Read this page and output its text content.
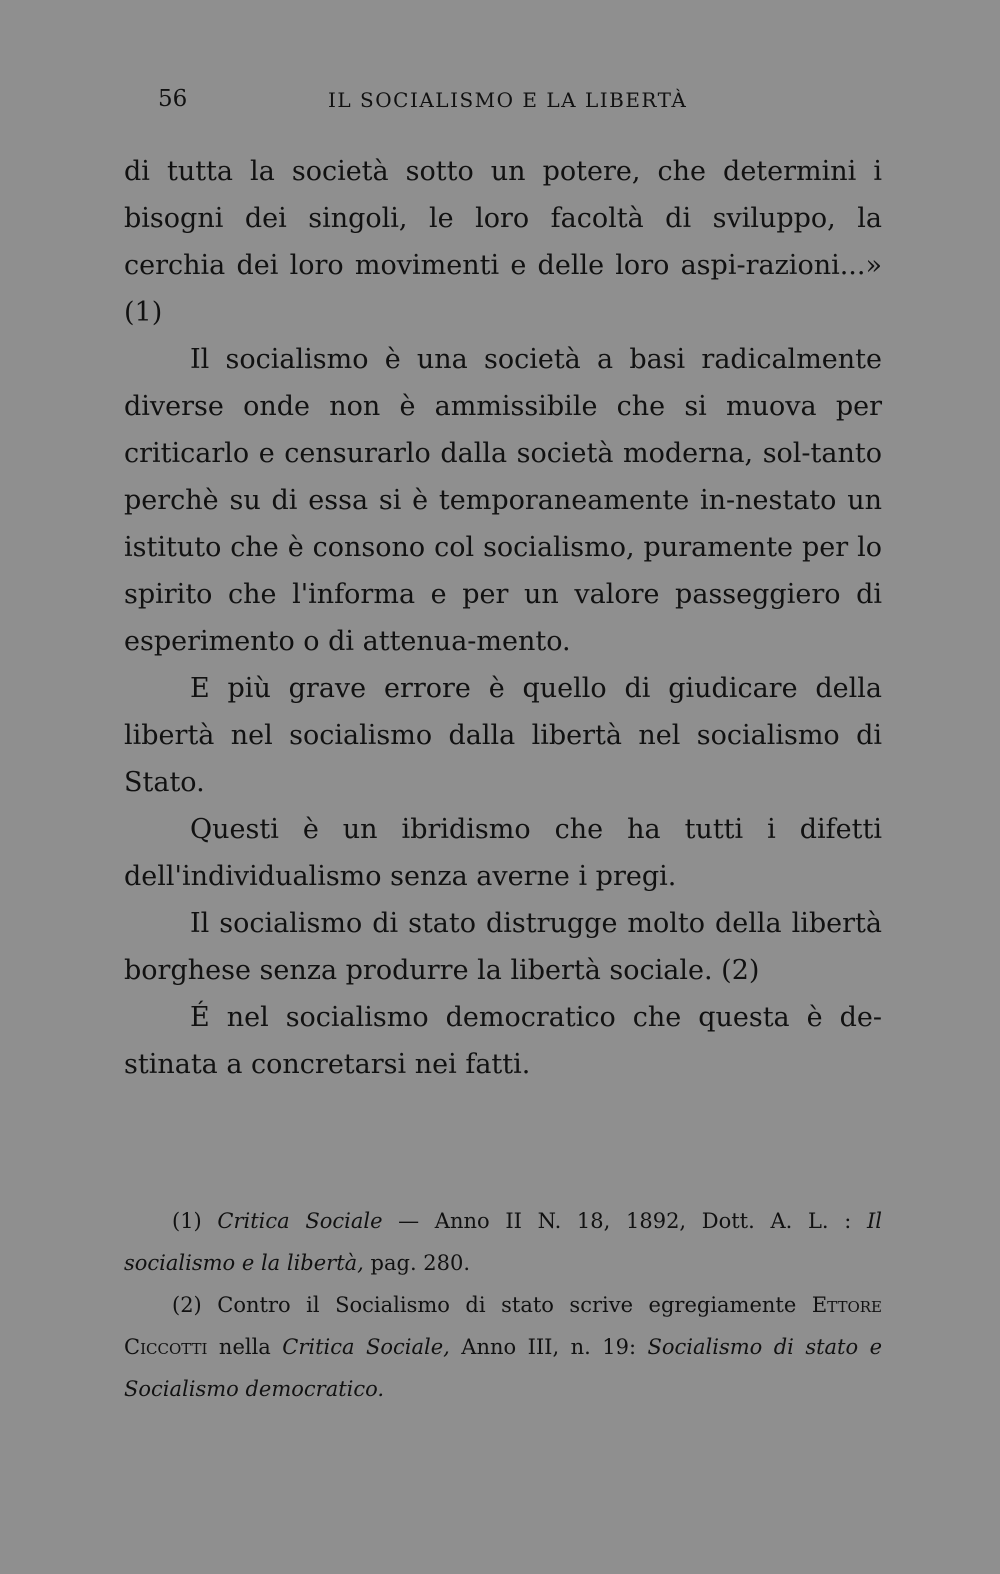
56	IL SOCIALISMO E LA LIBERTÀ

di tutta la società sotto un potere, che determini i bisogni dei singoli, le loro facoltà di sviluppo, la cerchia dei loro movimenti e delle loro aspi-razioni...» (1)

Il socialismo è una società a basi radicalmente diverse onde non è ammissibile che si muova per criticarlo e censurarlo dalla società moderna, sol-tanto perchè su di essa si è temporaneamente in-nestato un istituto che è consono col socialismo, puramente per lo spirito che l'informa e per un valore passeggiero di esperimento o di attenua-mento.

E più grave errore è quello di giudicare della libertà nel socialismo dalla libertà nel socialismo di Stato.

Questi è un ibridismo che ha tutti i difetti dell'individualismo senza averne i pregi.

Il socialismo di stato distrugge molto della libertà borghese senza produrre la libertà sociale. (2)

É nel socialismo democratico che questa è de-stinata a concretarsi nei fatti.

(1) Critica Sociale — Anno II N. 18, 1892, Dott. A. L. : Il socialismo e la libertà, pag. 280.

(2) Contro il Socialismo di stato scrive egregiamente Ettore Ciccotti nella Critica Sociale, Anno III, n. 19: Socialismo di stato e Socialismo democratico.
